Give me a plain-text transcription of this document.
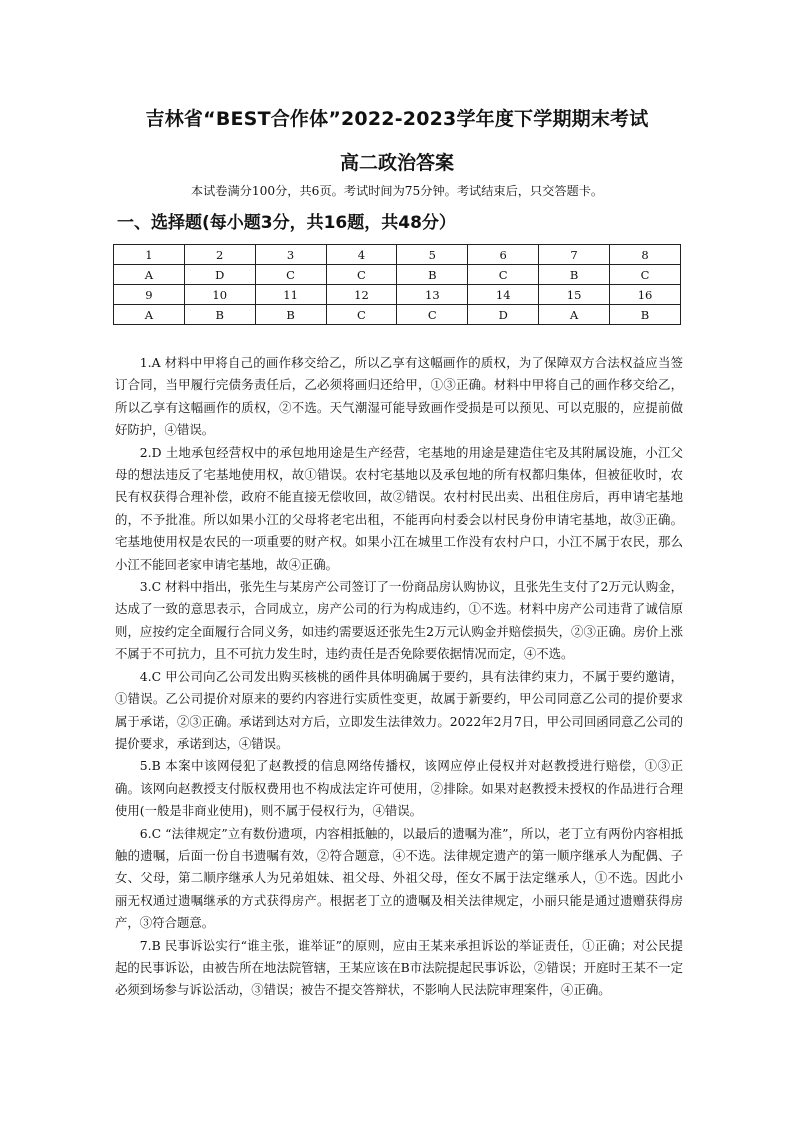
吉林省“BEST合作体”2022-2023学年度下学期期末考试
高二政治答案
本试卷满分100分，共6页。考试时间为75分钟。考试结束后，只交答题卡。
一、选择题(每小题3分，共16题，共48分）
1	2	3	4	5	6	7	8
A	D	C	C	B	C	B	C
9	10	11	12	13	14	15	16
A	B	B	C	C	D	A	B

1.A 材料中甲将自己的画作移交给乙，所以乙享有这幅画作的质权，为了保障双方合法权益应当签订合同，当甲履行完债务责任后，乙必须将画归还给甲，①③正确。材料中甲将自己的画作移交给乙，所以乙享有这幅画作的质权，②不选。天气潮湿可能导致画作受损是可以预见、可以克服的，应提前做好防护，④错误。

2.D 土地承包经营权中的承包地用途是生产经营，宅基地的用途是建造住宅及其附属设施，小江父母的想法违反了宅基地使用权，故①错误。农村宅基地以及承包地的所有权都归集体，但被征收时，农民有权获得合理补偿，政府不能直接无偿收回，故②错误。农村村民出卖、出租住房后，再申请宅基地的，不予批准。所以如果小江的父母将老宅出租，不能再向村委会以村民身份申请宅基地，故③正确。宅基地使用权是农民的一项重要的财产权。如果小江在城里工作没有农村户口，小江不属于农民，那么小江不能回老家申请宅基地，故④正确。

3.C 材料中指出，张先生与某房产公司签订了一份商品房认购协议，且张先生支付了2万元认购金，达成了一致的意思表示，合同成立，房产公司的行为构成违约，①不选。材料中房产公司违背了诚信原则，应按约定全面履行合同义务，如违约需要返还张先生2万元认购金并赔偿损失，②③正确。房价上涨不属于不可抗力，且不可抗力发生时，违约责任是否免除要依据情况而定，④不选。

4.C 甲公司向乙公司发出购买核桃的函件具体明确属于要约，具有法律约束力，不属于要约邀请，①错误。乙公司提价对原来的要约内容进行实质性变更，故属于新要约，甲公司同意乙公司的提价要求属于承诺，②③正确。承诺到达对方后，立即发生法律效力。2022年2月7日，甲公司回函同意乙公司的提价要求，承诺到达，④错误。

5.B 本案中该网侵犯了赵教授的信息网络传播权，该网应停止侵权并对赵教授进行赔偿，①③正确。该网向赵教授支付版权费用也不构成法定许可使用，②排除。如果对赵教授未授权的作品进行合理使用(一般是非商业使用)，则不属于侵权行为，④错误。

6.C “法律规定”立有数份遗项，内容相抵触的，以最后的遗嘱为准”，所以，老丁立有两份内容相抵触的遗嘱，后面一份自书遗嘱有效，②符合题意，④不选。法律规定遗产的第一顺序继承人为配偶、子女、父母，第二顺序继承人为兄弟姐妹、祖父母、外祖父母，侄女不属于法定继承人，①不选。因此小丽无权通过遗嘱继承的方式获得房产。根据老丁立的遗嘱及相关法律规定，小丽只能是通过遗赠获得房产，③符合题意。

7.B 民事诉讼实行“谁主张，谁举证”的原则，应由王某来承担诉讼的举证责任，①正确；对公民提起的民事诉讼，由被告所在地法院管辖，王某应该在B市法院提起民事诉讼，②错误；开庭时王某不一定必须到场参与诉讼活动，③错误；被告不提交答辩状，不影响人民法院审理案件，④正确。
